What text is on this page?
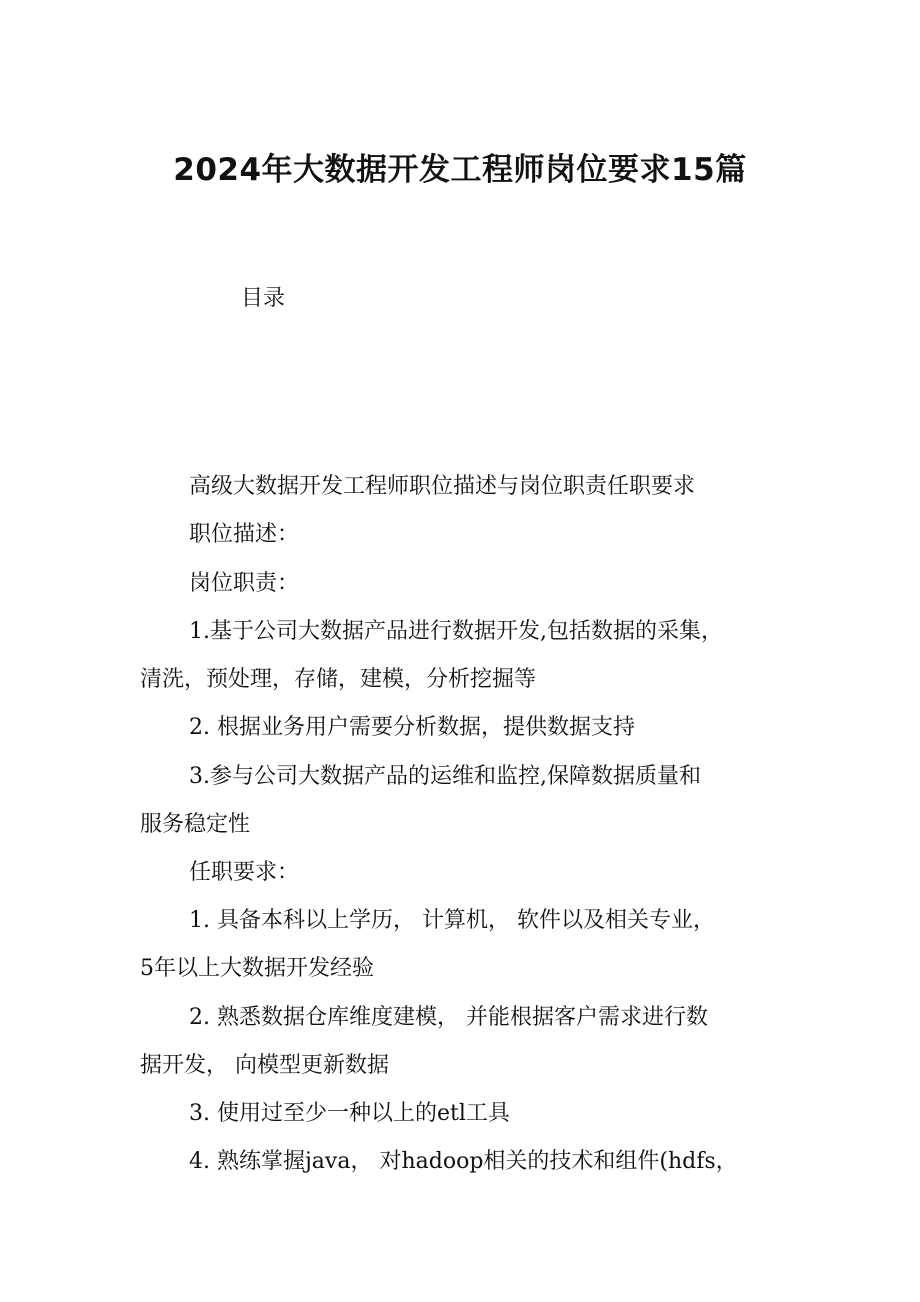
2024年大数据开发工程师岗位要求15篇
目录
高级大数据开发工程师职位描述与岗位职责任职要求
职位描述：
岗位职责：
1.基于公司大数据产品进行数据开发,包括数据的采集，
清洗，预处理，存储，建模，分析挖掘等
2. 根据业务用户需要分析数据，提供数据支持
3.参与公司大数据产品的运维和监控,保障数据质量和
服务稳定性
任职要求：
1. 具备本科以上学历， 计算机， 软件以及相关专业，
5年以上大数据开发经验
2. 熟悉数据仓库维度建模， 并能根据客户需求进行数
据开发， 向模型更新数据
3. 使用过至少一种以上的etl工具
4. 熟练掌握java， 对hadoop相关的技术和组件(hdfs，
